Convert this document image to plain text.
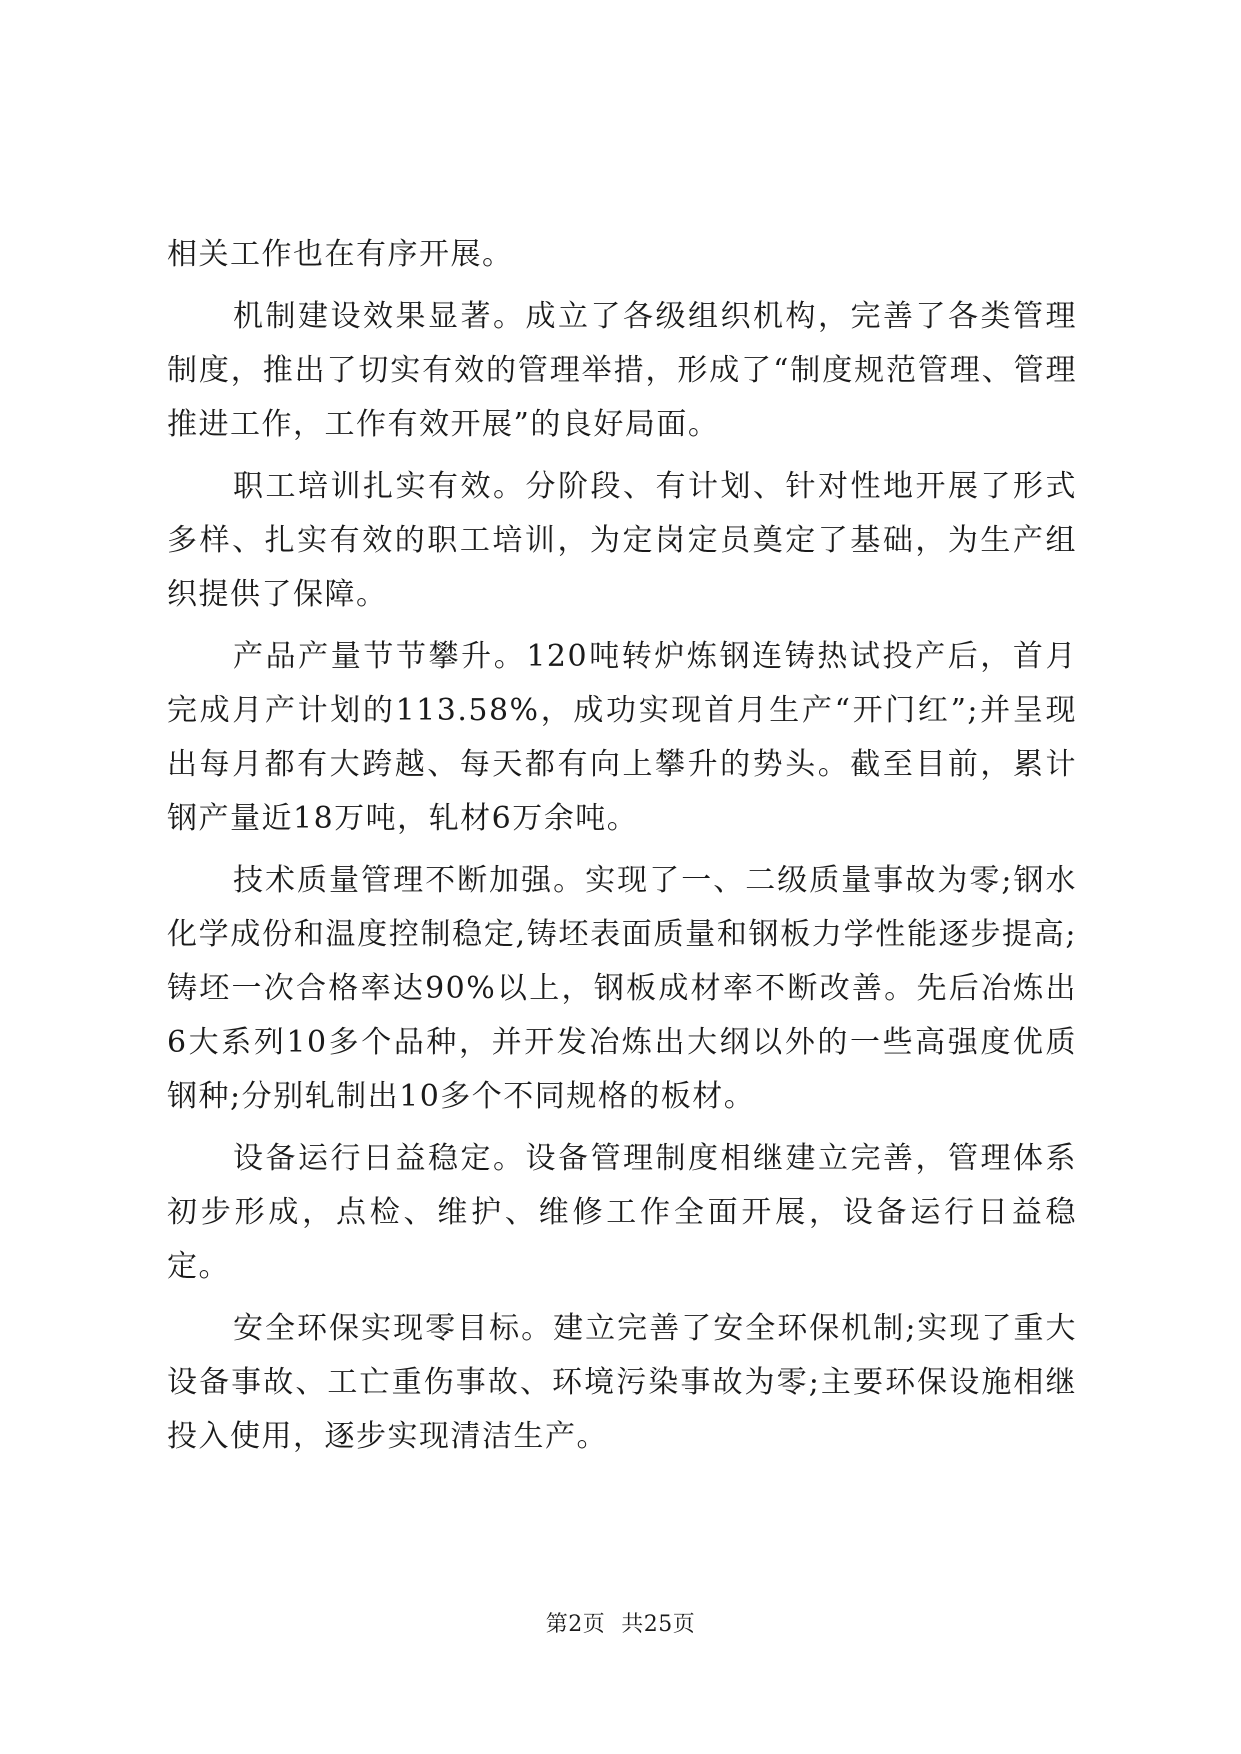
相关工作也在有序开展。

机制建设效果显著。成立了各级组织机构，完善了各类管理制度，推出了切实有效的管理举措，形成了“制度规范管理、管理推进工作，工作有效开展”的良好局面。

职工培训扎实有效。分阶段、有计划、针对性地开展了形式多样、扎实有效的职工培训，为定岗定员奠定了基础，为生产组织提供了保障。

产品产量节节攀升。120吨转炉炼钢连铸热试投产后，首月完成月产计划的113.58%，成功实现首月生产“开门红”;并呈现出每月都有大跨越、每天都有向上攀升的势头。截至目前，累计钢产量近18万吨，轧材6万余吨。

技术质量管理不断加强。实现了一、二级质量事故为零;钢水化学成份和温度控制稳定,铸坯表面质量和钢板力学性能逐步提高;铸坯一次合格率达90%以上，钢板成材率不断改善。先后冶炼出6大系列10多个品种，并开发冶炼出大纲以外的一些高强度优质钢种;分别轧制出10多个不同规格的板材。

设备运行日益稳定。设备管理制度相继建立完善，管理体系初步形成，点检、维护、维修工作全面开展，设备运行日益稳定。

安全环保实现零目标。建立完善了安全环保机制;实现了重大设备事故、工亡重伤事故、环境污染事故为零;主要环保设施相继投入使用，逐步实现清洁生产。

第2页 共25页
